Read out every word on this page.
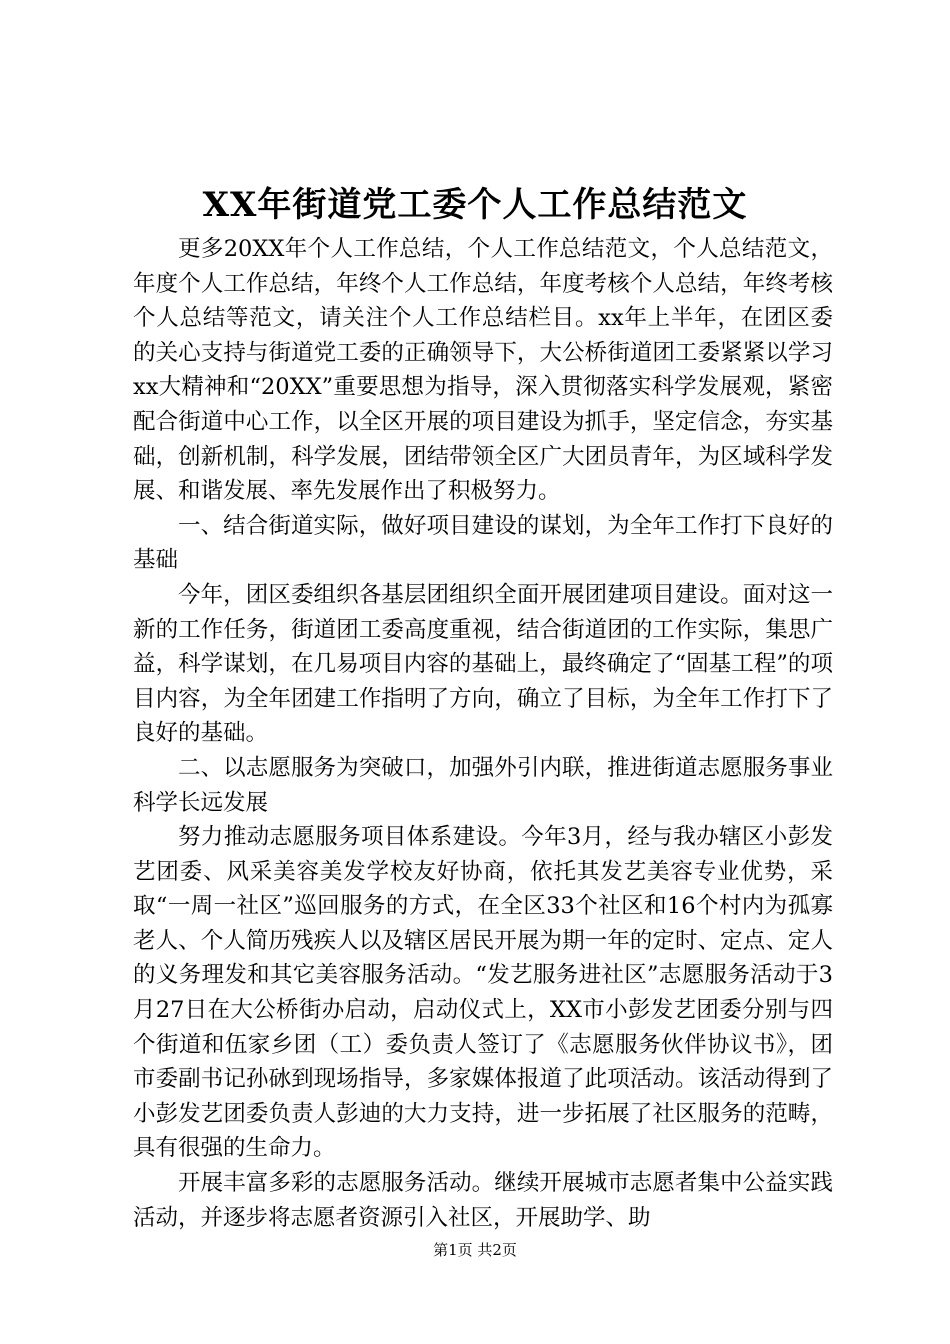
XX年街道党工委个人工作总结范文

更多20XX年个人工作总结，个人工作总结范文，个人总结范文，年度个人工作总结，年终个人工作总结，年度考核个人总结，年终考核个人总结等范文，请关注个人工作总结栏目。xx年上半年，在团区委的关心支持与街道党工委的正确领导下，大公桥街道团工委紧紧以学习xx大精神和“20XX”重要思想为指导，深入贯彻落实科学发展观，紧密配合街道中心工作，以全区开展的项目建设为抓手，坚定信念，夯实基础，创新机制，科学发展，团结带领全区广大团员青年，为区域科学发展、和谐发展、率先发展作出了积极努力。

一、结合街道实际，做好项目建设的谋划，为全年工作打下良好的基础

今年，团区委组织各基层团组织全面开展团建项目建设。面对这一新的工作任务，街道团工委高度重视，结合街道团的工作实际，集思广益，科学谋划，在几易项目内容的基础上，最终确定了“固基工程”的项目内容，为全年团建工作指明了方向，确立了目标，为全年工作打下了良好的基础。

二、以志愿服务为突破口，加强外引内联，推进街道志愿服务事业科学长远发展

努力推动志愿服务项目体系建设。今年3月，经与我办辖区小彭发艺团委、风采美容美发学校友好协商，依托其发艺美容专业优势，采取“一周一社区”巡回服务的方式，在全区33个社区和16个村内为孤寡老人、个人简历残疾人以及辖区居民开展为期一年的定时、定点、定人的义务理发和其它美容服务活动。“发艺服务进社区”志愿服务活动于3月27日在大公桥街办启动，启动仪式上，XX市小彭发艺团委分别与四个街道和伍家乡团（工）委负责人签订了《志愿服务伙伴协议书》，团市委副书记孙砅到现场指导，多家媒体报道了此项活动。该活动得到了小彭发艺团委负责人彭迪的大力支持，进一步拓展了社区服务的范畴，具有很强的生命力。

开展丰富多彩的志愿服务活动。继续开展城市志愿者集中公益实践活动，并逐步将志愿者资源引入社区，开展助学、助

第1页 共2页
